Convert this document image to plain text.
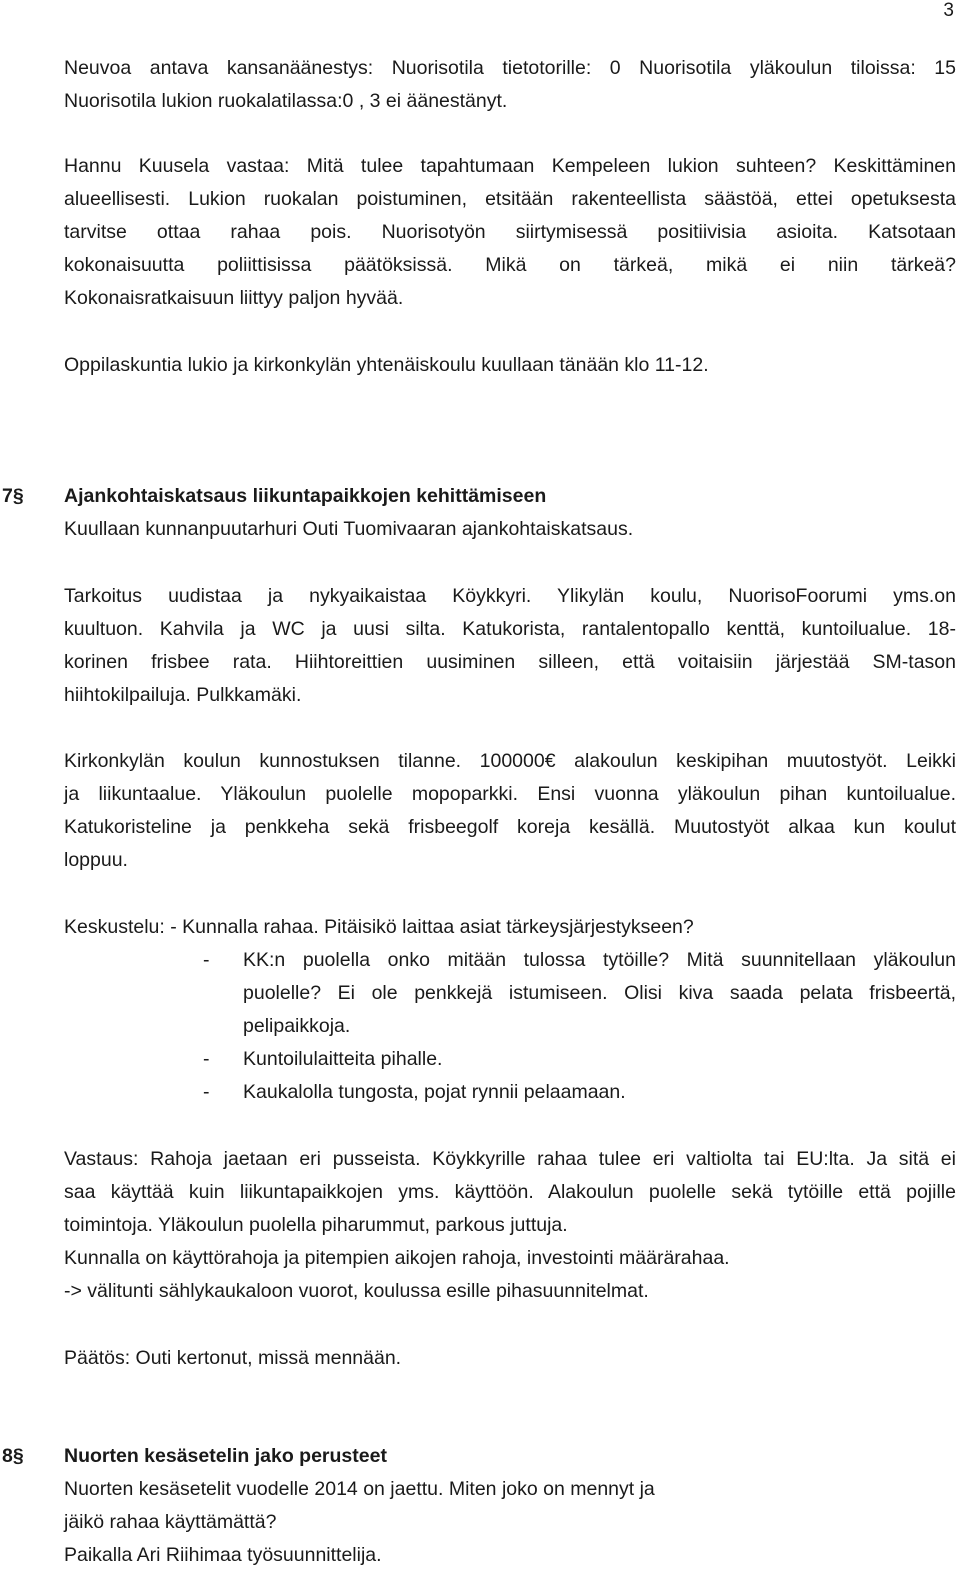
3
Neuvoa antava kansanäänestys: Nuorisotila tietotorille: 0 Nuorisotila yläkoulun tiloissa: 15
Nuorisotila lukion ruokalatilassa:0 , 3 ei äänestänyt.
Hannu Kuusela vastaa: Mitä tulee tapahtumaan Kempeleen lukion suhteen? Keskittäminen
alueellisesti. Lukion ruokalan poistuminen, etsitään rakenteellista säästöä, ettei opetuksesta
tarvitse ottaa rahaa pois. Nuorisotyön siirtymisessä positiivisia asioita. Katsotaan
kokonaisuutta poliittisissa päätöksissä. Mikä on tärkeä, mikä ei niin tärkeä?
Kokonaisratkaisuun liittyy paljon hyvää.
Oppilaskuntia lukio ja kirkonkylän yhtenäiskoulu kuullaan tänään klo 11-12.
7§ Ajankohtaiskatsaus liikuntapaikkojen kehittämiseen
Kuullaan kunnanpuutarhuri Outi Tuomivaaran ajankohtaiskatsaus.
Tarkoitus uudistaa ja nykyaikaistaa Köykkyri. Ylikylän koulu, NuorisoFoorumi yms.on
kuultuon. Kahvila ja WC ja uusi silta. Katukorista, rantalentopallo kenttä, kuntoilualue. 18-
korinen frisbee rata. Hiihtoreittien uusiminen silleen, että voitaisiin järjestää SM-tason
hiihtokilpailuja. Pulkkamäki.
Kirkonkylän koulun kunnostuksen tilanne. 100000€ alakoulun keskipihan muutostyöt. Leikki
ja liikuntaalue. Yläkoulun puolelle mopoparkki. Ensi vuonna yläkoulun pihan kuntoilualue.
Katukoristeline ja penkkeha sekä frisbeegolf koreja kesällä. Muutostyöt alkaa kun koulut
loppuu.
Keskustelu: - Kunnalla rahaa. Pitäisikö laittaa asiat tärkeysjärjestykseen?
- KK:n puolella onko mitään tulossa tytöille? Mitä suunnitellaan yläkoulun
puolelle? Ei ole penkkejä istumiseen. Olisi kiva saada pelata frisbeertä,
pelipaikkoja.
- Kuntoilulaitteita pihalle.
- Kaukalolla tungosta, pojat rynnii pelaamaan.
Vastaus: Rahoja jaetaan eri pusseista. Köykkyrille rahaa tulee eri valtiolta tai EU:lta. Ja sitä ei
saa käyttää kuin liikuntapaikkojen yms. käyttöön. Alakoulun puolelle sekä tytöille että pojille
toimintoja. Yläkoulun puolella piharummut, parkous juttuja.
Kunnalla on käyttörahoja ja pitempien aikojen rahoja, investointi määrärahaa.
-> välitunti sählykaukaloon vuorot, koulussa esille pihasuunnitelmat.
Päätös: Outi kertonut, missä mennään.
8§ Nuorten kesäsetelin jako perusteet
Nuorten kesäsetelit vuodelle 2014 on jaettu. Miten joko on mennyt ja
jäikö rahaa käyttämättä?
Paikalla Ari Riihimaa työsuunnittelija.
